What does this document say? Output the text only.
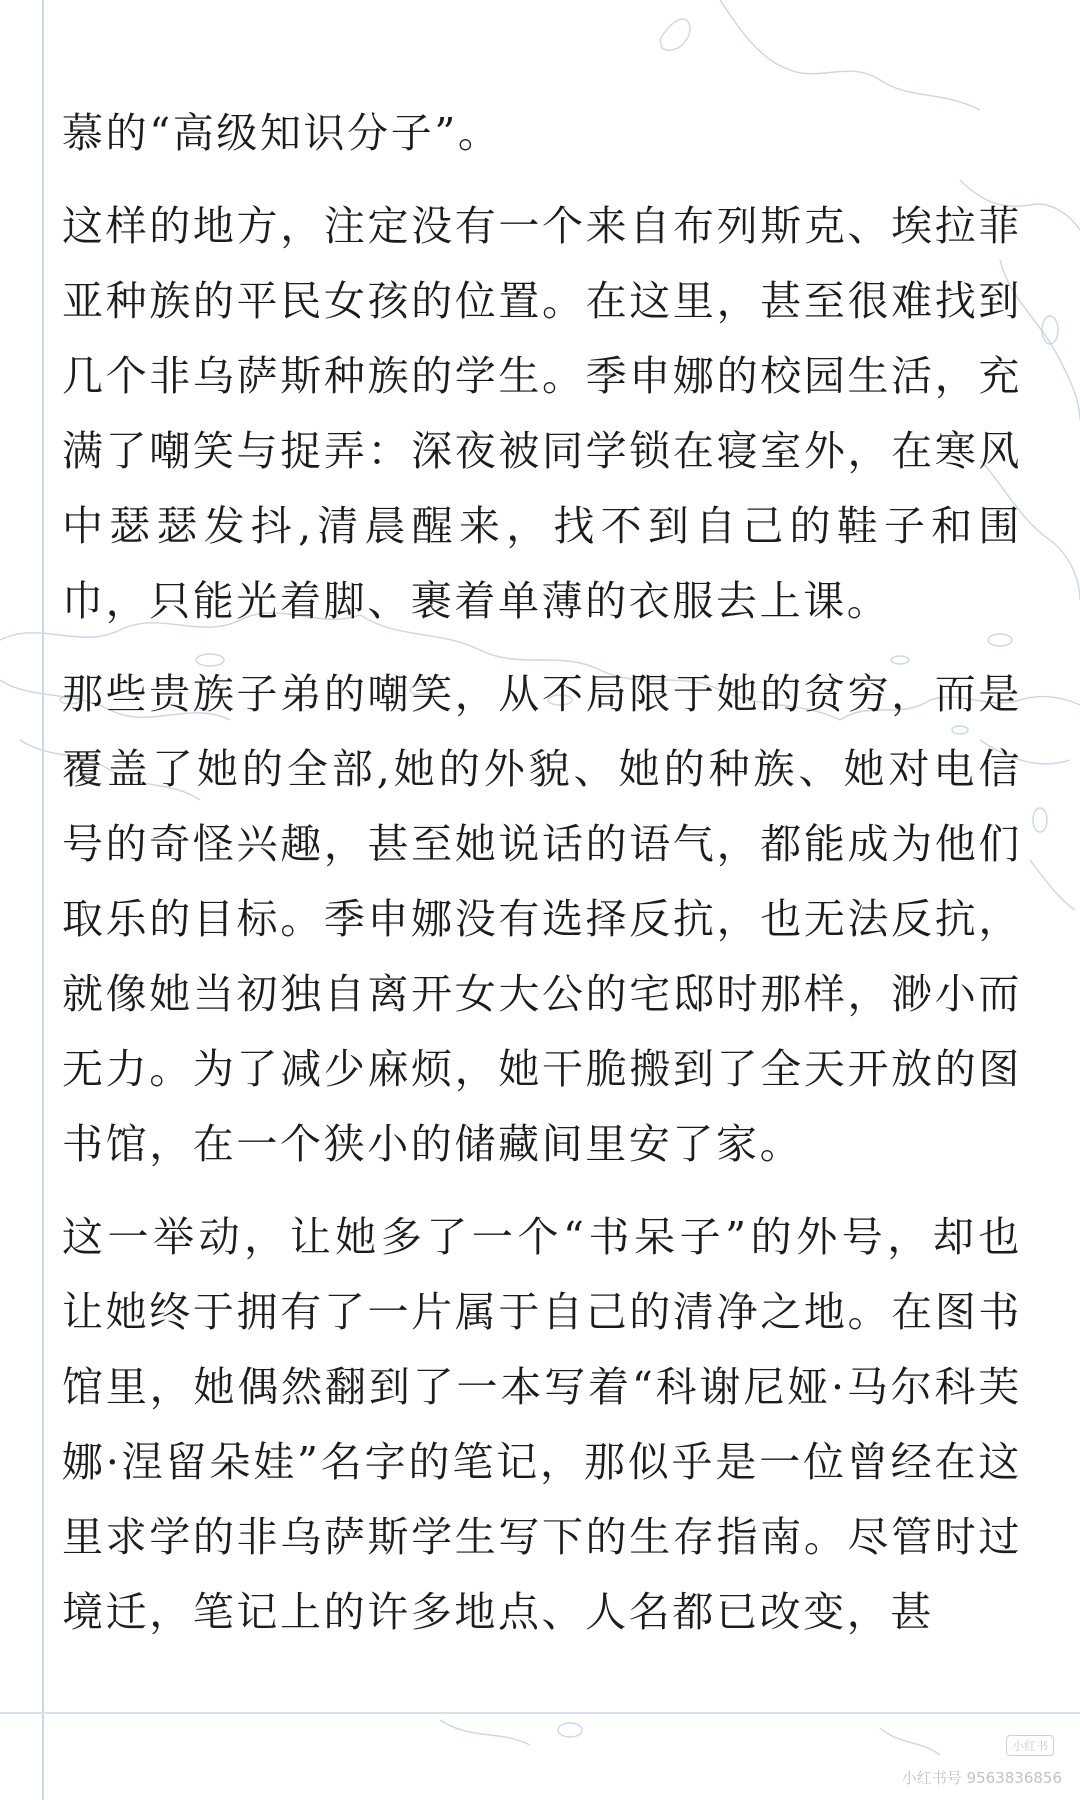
慕的“高级知识分子”。

这样的地方，注定没有一个来自布列斯克、埃拉菲亚种族的平民女孩的位置。在这里，甚至很难找到几个非乌萨斯种族的学生。季申娜的校园生活，充满了嘲笑与捉弄：深夜被同学锁在寝室外，在寒风中瑟瑟发抖,清晨醒来，找不到自己的鞋子和围巾，只能光着脚、裹着单薄的衣服去上课。

那些贵族子弟的嘲笑，从不局限于她的贫穷，而是覆盖了她的全部,她的外貌、她的种族、她对电信号的奇怪兴趣，甚至她说话的语气，都能成为他们取乐的目标。季申娜没有选择反抗，也无法反抗，就像她当初独自离开女大公的宅邸时那样，渺小而无力。为了减少麻烦，她干脆搬到了全天开放的图书馆，在一个狭小的储藏间里安了家。

这一举动，让她多了一个“书呆子”的外号，却也让她终于拥有了一片属于自己的清净之地。在图书馆里，她偶然翻到了一本写着“科谢尼娅·马尔科芙娜·涅留朵娃”名字的笔记，那似乎是一位曾经在这里求学的非乌萨斯学生写下的生存指南。尽管时过境迁，笔记上的许多地点、人名都已改变，甚

小红书
小红书号 9563836856
